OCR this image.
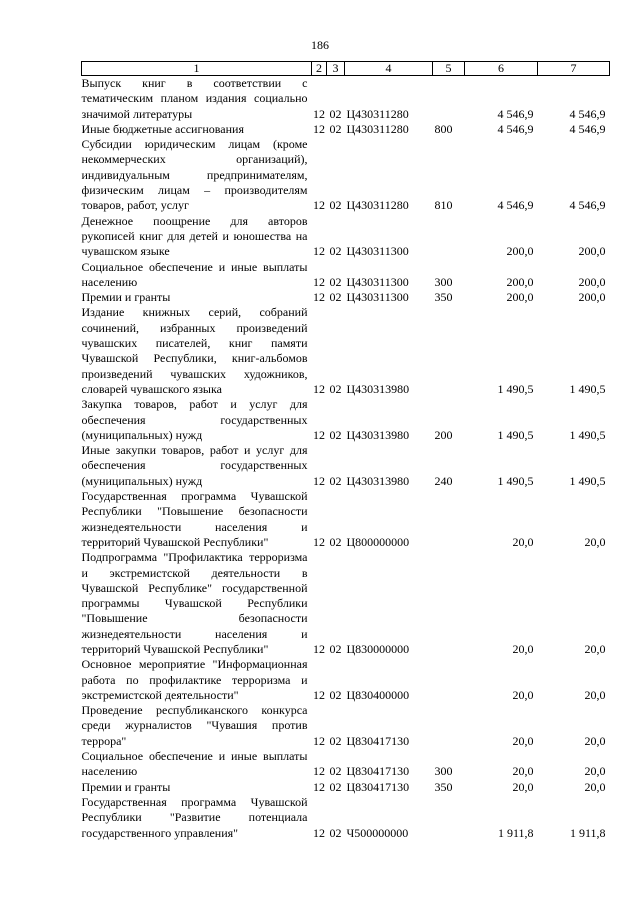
186
1	2	3	4	5	6	7
Выпуск книг в соответствии с тематическим планом издания социально значимой литературы	12	02	Ц430311280		4 546,9	4 546,9
Иные бюджетные ассигнования	12	02	Ц430311280	800	4 546,9	4 546,9
Субсидии юридическим лицам (кроме некоммерческих организаций), индивидуальным предпринимателям, физическим лицам – производителям товаров, работ, услуг	12	02	Ц430311280	810	4 546,9	4 546,9
Денежное поощрение для авторов рукописей книг для детей и юношества на чувашском языке	12	02	Ц430311300		200,0	200,0
Социальное обеспечение и иные выплаты населению	12	02	Ц430311300	300	200,0	200,0
Премии и гранты	12	02	Ц430311300	350	200,0	200,0
Издание книжных серий, собраний сочинений, избранных произведений чувашских писателей, книг памяти Чувашской Республики, книг-альбомов произведений чувашских художников, словарей чувашского языка	12	02	Ц430313980		1 490,5	1 490,5
Закупка товаров, работ и услуг для обеспечения государственных (муниципальных) нужд	12	02	Ц430313980	200	1 490,5	1 490,5
Иные закупки товаров, работ и услуг для обеспечения государственных (муниципальных) нужд	12	02	Ц430313980	240	1 490,5	1 490,5
Государственная программа Чувашской Республики "Повышение безопасности жизнедеятельности населения и территорий Чувашской Республики"	12	02	Ц800000000		20,0	20,0
Подпрограмма "Профилактика терроризма и экстремистской деятельности в Чувашской Республике" государственной программы Чувашской Республики "Повышение безопасности жизнедеятельности населения и территорий Чувашской Республики"	12	02	Ц830000000		20,0	20,0
Основное мероприятие "Информационная работа по профилактике терроризма и экстремистской деятельности"	12	02	Ц830400000		20,0	20,0
Проведение республиканского конкурса среди журналистов "Чувашия против террора"	12	02	Ц830417130		20,0	20,0
Социальное обеспечение и иные выплаты населению	12	02	Ц830417130	300	20,0	20,0
Премии и гранты	12	02	Ц830417130	350	20,0	20,0
Государственная программа Чувашской Республики "Развитие потенциала государственного управления"	12	02	Ч500000000		1 911,8	1 911,8
